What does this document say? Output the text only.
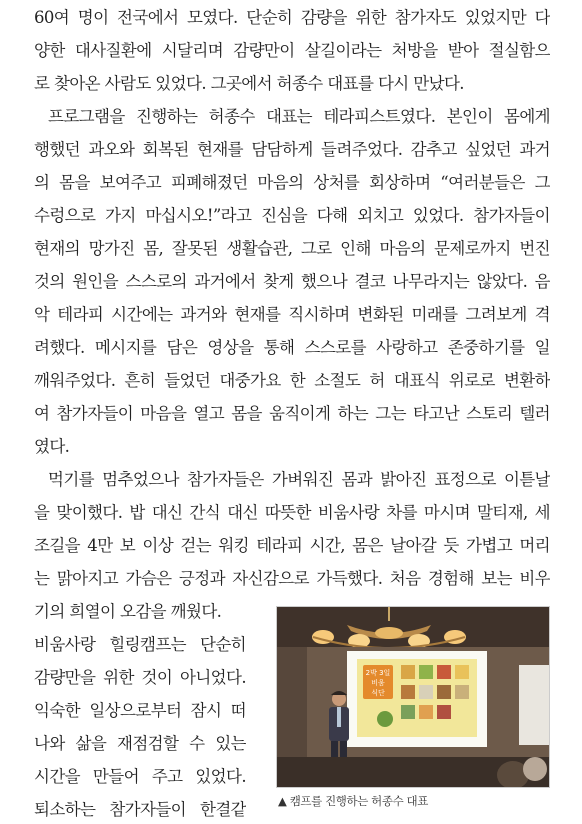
60여 명이 전국에서 모였다. 단순히 감량을 위한 참가자도 있었지만 다
양한 대사질환에 시달리며 감량만이 살길이라는 처방을 받아 절실함으
로 찾아온 사람도 있었다. 그곳에서 허종수 대표를 다시 만났다.
프로그램을 진행하는 허종수 대표는 테라피스트였다. 본인이 몸에게
행했던 과오와 회복된 현재를 담담하게 들려주었다. 감추고 싶었던 과거
의 몸을 보여주고 피폐해졌던 마음의 상처를 회상하며 “여러분들은 그
수렁으로 가지 마십시오!”라고 진심을 다해 외치고 있었다. 참가자들이
현재의 망가진 몸, 잘못된 생활습관, 그로 인해 마음의 문제로까지 번진
것의 원인을 스스로의 과거에서 찾게 했으나 결코 나무라지는 않았다. 음
악 테라피 시간에는 과거와 현재를 직시하며 변화된 미래를 그려보게 격
려했다. 메시지를 담은 영상을 통해 스스로를 사랑하고 존중하기를 일
깨워주었다. 흔히 들었던 대중가요 한 소절도 허 대표식 위로로 변환하
여 참가자들이 마음을 열고 몸을 움직이게 하는 그는 타고난 스토리 텔러
였다.
먹기를 멈추었으나 참가자들은 가벼워진 몸과 밝아진 표정으로 이튿날
을 맞이했다. 밥 대신 간식 대신 따뜻한 비움사랑 차를 마시며 말티재, 세
조길을 4만 보 이상 걷는 워킹 테라피 시간, 몸은 날아갈 듯 가볍고 머리
는 맑아지고 가슴은 긍정과 자신감으로 가득했다. 처음 경험해 보는 비우
기의 희열이 오감을 깨웠다.
비움사랑 힐링캠프는 단순히
감량만을 위한 것이 아니었다.
익숙한 일상으로부터 잠시 떠
나와 삶을 재점검할 수 있는
시간을 만들어 주고 있었다.
퇴소하는 참가자들이 한결같
2박 3일
비움
식단
▲ 캠프를 진행하는 허종수 대표
